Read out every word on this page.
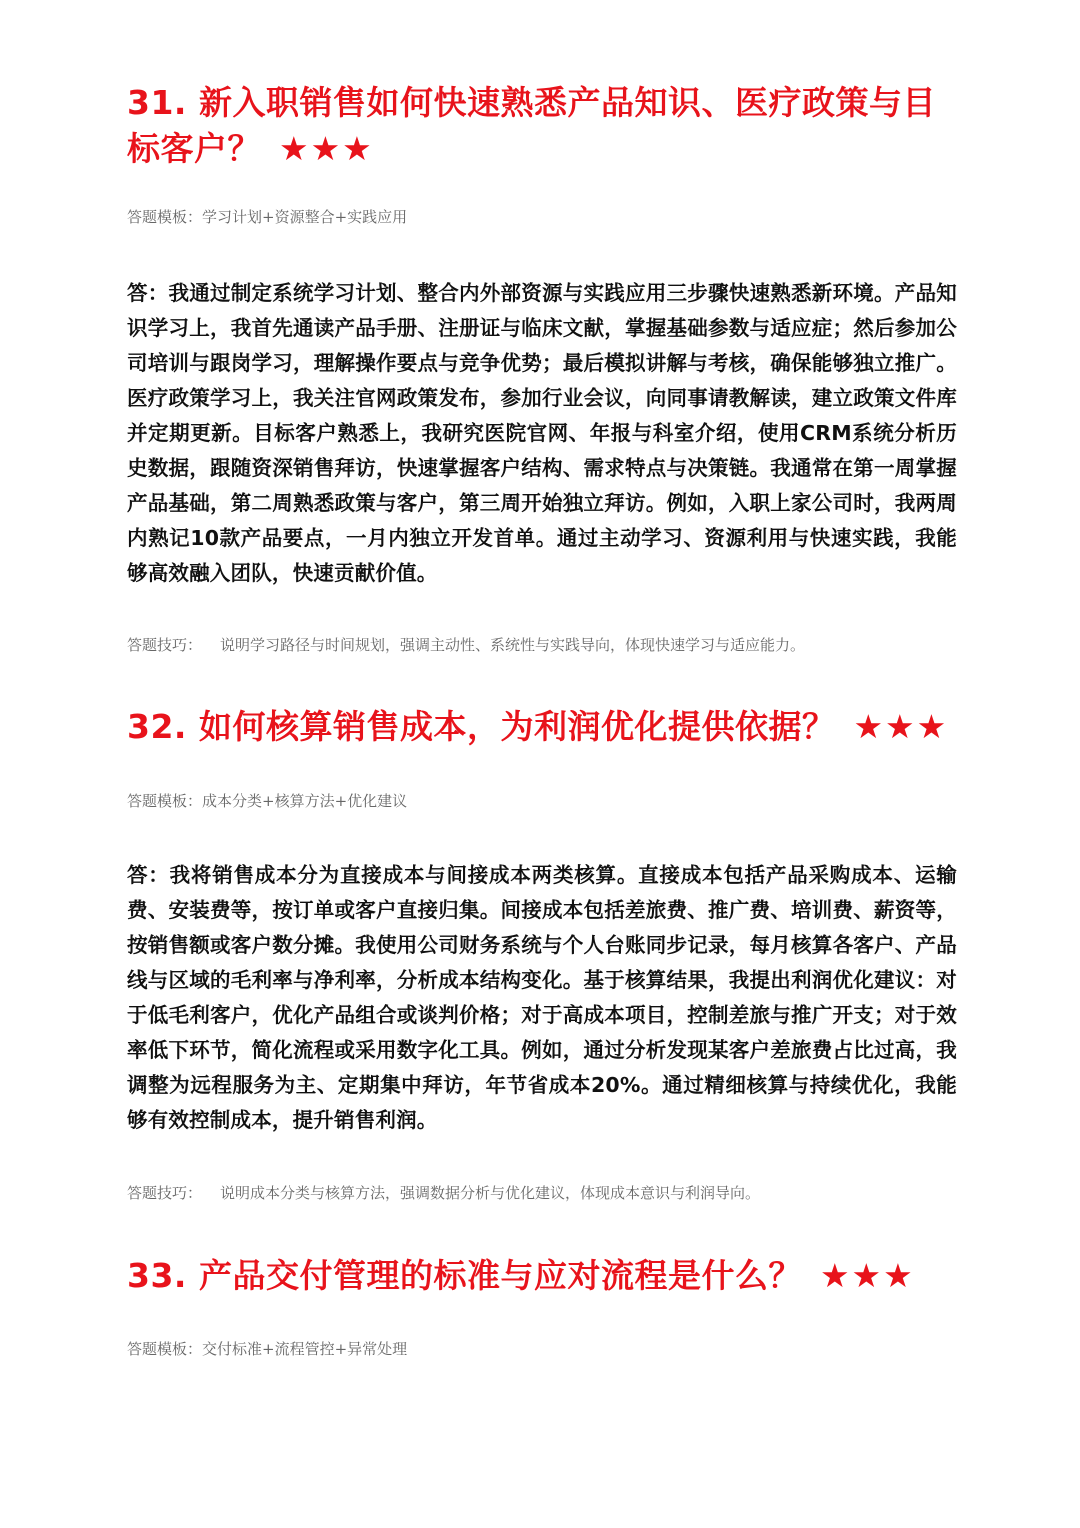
31. 新入职销售如何快速熟悉产品知识、医疗政策与目标客户？ ★★★

答题模板：学习计划+资源整合+实践应用

答：我通过制定系统学习计划、整合内外部资源与实践应用三步骤快速熟悉新环境。产品知识学习上，我首先通读产品手册、注册证与临床文献，掌握基础参数与适应症；然后参加公司培训与跟岗学习，理解操作要点与竞争优势；最后模拟讲解与考核，确保能够独立推广。医疗政策学习上，我关注官网政策发布，参加行业会议，向同事请教解读，建立政策文件库并定期更新。目标客户熟悉上，我研究医院官网、年报与科室介绍，使用CRM系统分析历史数据，跟随资深销售拜访，快速掌握客户结构、需求特点与决策链。我通常在第一周掌握产品基础，第二周熟悉政策与客户，第三周开始独立拜访。例如，入职上家公司时，我两周内熟记10款产品要点，一月内独立开发首单。通过主动学习、资源利用与快速实践，我能够高效融入团队，快速贡献价值。

答题技巧： 说明学习路径与时间规划，强调主动性、系统性与实践导向，体现快速学习与适应能力。

32. 如何核算销售成本，为利润优化提供依据？ ★★★

答题模板：成本分类+核算方法+优化建议

答：我将销售成本分为直接成本与间接成本两类核算。直接成本包括产品采购成本、运输费、安装费等，按订单或客户直接归集。间接成本包括差旅费、推广费、培训费、薪资等，按销售额或客户数分摊。我使用公司财务系统与个人台账同步记录，每月核算各客户、产品线与区域的毛利率与净利率，分析成本结构变化。基于核算结果，我提出利润优化建议：对于低毛利客户，优化产品组合或谈判价格；对于高成本项目，控制差旅与推广开支；对于效率低下环节，简化流程或采用数字化工具。例如，通过分析发现某客户差旅费占比过高，我调整为远程服务为主、定期集中拜访，年节省成本20%。通过精细核算与持续优化，我能够有效控制成本，提升销售利润。

答题技巧： 说明成本分类与核算方法，强调数据分析与优化建议，体现成本意识与利润导向。

33. 产品交付管理的标准与应对流程是什么？ ★★★

答题模板：交付标准+流程管控+异常处理
